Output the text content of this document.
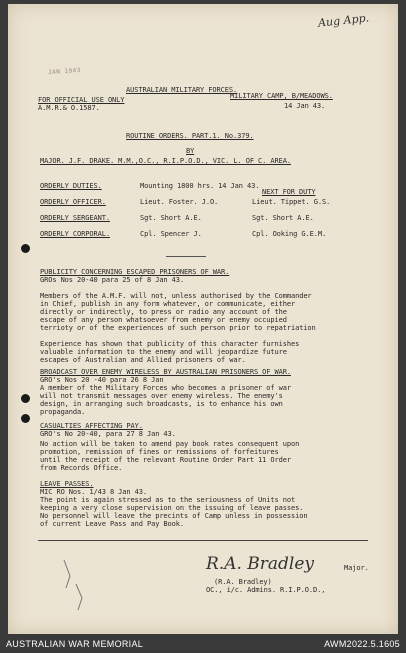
Aug App.
JAN 1943
AUSTRALIAN MILITARY FORCES.
FOR OFFICIAL USE ONLY	MILITARY CAMP, B/MEADOWS.
A.M.R.& O.1587.	14 Jan 43.
ROUTINE ORDERS. PART.1. No.379.
BY
MAJOR. J.F. DRAKE. M.M.,O.C., R.I.P.O.D., VIC. L. OF C. AREA.
ORDERLY DUTIES.	Mounting 1800 hrs. 14 Jan 43.
NEXT FOR DUTY
ORDERLY OFFICER.	Lieut. Foster. J.O.	Lieut. Tippet. G.S.
ORDERLY SERGEANT.	Sgt. Short A.E.	Sgt. Short A.E.
ORDERLY CORPORAL.	Cpl. Spencer J.	Cpl. Ooking G.E.M.
PUBLICITY CONCERNING ESCAPED PRISONERS OF WAR.
GROs Nos 20-40 para 25 of 8 Jan 43.
Members of the A.M.F. will not, unless authorised by the Commander
in Chief, publish in any form whatever, or communicate, either
directly or indirectly, to press or radio any account of the
escape of any person whatsoever from enemy or enemy occupied
terrioty or of the experiences of such person prior to repatriation
Experience has shown that publicity of this character furnishes
valuable information to the enemy and will jeopardize future
escapes of Australian and Allied prisoners of war.
BROADCAST OVER ENEMY WIRELESS BY AUSTRALIAN PRISONERS OF WAR.
GRO's Nos 20 -40 para 26 8 Jan
A member of the Military Forces who becomes a prisoner of war
will not transmit messages over enemy wireless. The enemy's
design, in arranging such broadcasts, is to enhance his own
propaganda.
CASUALTIES AFFECTING PAY.
GRO's No 20-40, para 27 8 Jan 43.
No action will be taken to amend pay book rates consequent upon
promotion, remission of fines or remissions of forfeitures
until the receipt of the relevant Routine Order Part 11 Order
from Records Office.
LEAVE PASSES.
MIC RO Nos. 1/43 8 Jan 43.
The point is again stressed as to the seriousness of Units not
keeping a very close supervision on the issuing of leave passes.
No personnel will leave the precints of Camp unless in possession
of current Leave Pass and Pay Book.
R.A. Bradley	Major.
(R.A. Bradley)
OC., i/c. Admins. R.I.P.O.D.,
AUSTRALIAN WAR MEMORIAL	AWM2022.5.1605
